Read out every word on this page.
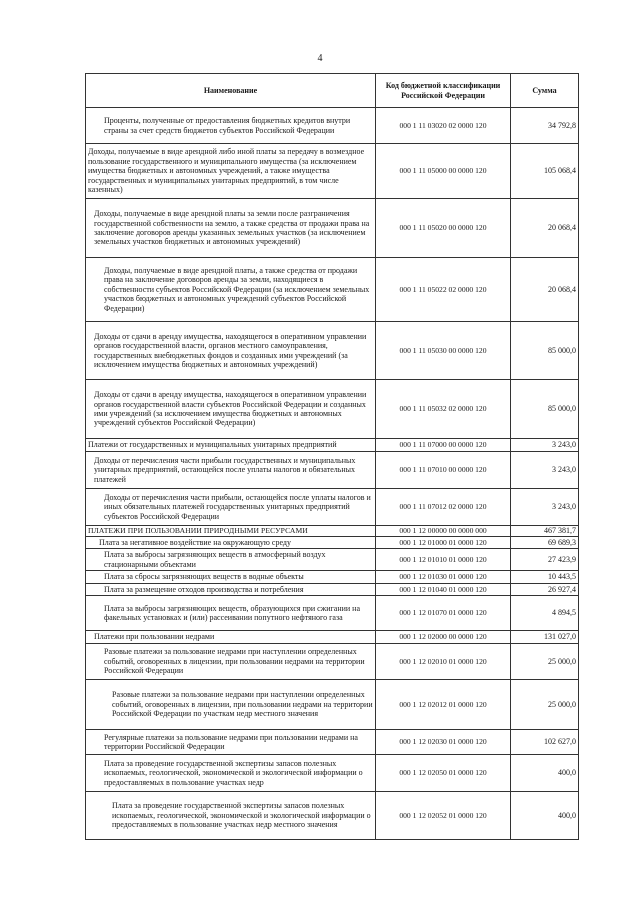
4
Наименование	Код бюджетной классификации Российской Федерации	Сумма
Проценты, полученные от предоставления бюджетных кредитов внутри страны за счет средств бюджетов субъектов Российской Федерации	000 1 11 03020 02 0000 120	34 792,8
Доходы, получаемые в виде арендной либо иной платы за передачу в возмездное пользование государственного и муниципального имущества (за исключением имущества бюджетных и автономных учреждений, а также имущества государственных и муниципальных унитарных предприятий, в том числе казенных)	000 1 11 05000 00 0000 120	105 068,4
Доходы, получаемые в виде арендной платы за земли после разграничения государственной собственности на землю, а также средства от продажи права на заключение договоров аренды указанных земельных участков (за исключением земельных участков бюджетных и автономных учреждений)	000 1 11 05020 00 0000 120	20 068,4
Доходы, получаемые в виде арендной платы, а также средства от продажи права на заключение договоров аренды за земли, находящиеся в собственности субъектов Российской Федерации (за исключением земельных участков бюджетных и автономных учреждений субъектов Российской Федерации)	000 1 11 05022 02 0000 120	20 068,4
Доходы от сдачи в аренду имущества, находящегося в оперативном управлении органов государственной власти, органов местного самоуправления, государственных внебюджетных фондов и созданных ими учреждений (за исключением имущества бюджетных и автономных учреждений)	000 1 11 05030 00 0000 120	85 000,0
Доходы от сдачи в аренду имущества, находящегося в оперативном управлении органов государственной власти субъектов Российской Федерации и созданных ими учреждений (за исключением имущества бюджетных и автономных учреждений субъектов Российской Федерации)	000 1 11 05032 02 0000 120	85 000,0
Платежи от государственных и муниципальных унитарных предприятий	000 1 11 07000 00 0000 120	3 243,0
Доходы от перечисления части прибыли государственных и муниципальных унитарных предприятий, остающейся после уплаты налогов и обязательных платежей	000 1 11 07010 00 0000 120	3 243,0
Доходы от перечисления части прибыли, остающейся после уплаты налогов и иных обязательных платежей государственных унитарных предприятий субъектов Российской Федерации	000 1 11 07012 02 0000 120	3 243,0
ПЛАТЕЖИ ПРИ ПОЛЬЗОВАНИИ ПРИРОДНЫМИ РЕСУРСАМИ	000 1 12 00000 00 0000 000	467 381,7
Плата за негативное воздействие на окружающую среду	000 1 12 01000 01 0000 120	69 689,3
Плата за выбросы загрязняющих веществ в атмосферный воздух стационарными объектами	000 1 12 01010 01 0000 120	27 423,9
Плата за сбросы загрязняющих веществ в водные объекты	000 1 12 01030 01 0000 120	10 443,5
Плата за размещение отходов производства и потребления	000 1 12 01040 01 0000 120	26 927,4
Плата за выбросы загрязняющих веществ, образующихся при сжигании на факельных установках и (или) рассеивании попутного нефтяного газа	000 1 12 01070 01 0000 120	4 894,5
Платежи при пользовании недрами	000 1 12 02000 00 0000 120	131 027,0
Разовые платежи за пользование недрами при наступлении определенных событий, оговоренных в лицензии, при пользовании недрами на территории Российской Федерации	000 1 12 02010 01 0000 120	25 000,0
Разовые платежи за пользование недрами при наступлении определенных событий, оговоренных в лицензии, при пользовании недрами на территории Российской Федерации по участкам недр местного значения	000 1 12 02012 01 0000 120	25 000,0
Регулярные платежи за пользование недрами при пользовании недрами на территории Российской Федерации	000 1 12 02030 01 0000 120	102 627,0
Плата за проведение государственной экспертизы запасов полезных ископаемых, геологической, экономической и экологической информации о предоставляемых в пользование участках недр	000 1 12 02050 01 0000 120	400,0
Плата за проведение государственной экспертизы запасов полезных ископаемых, геологической, экономической и экологической информации о предоставляемых в пользование участках недр местного значения	000 1 12 02052 01 0000 120	400,0
